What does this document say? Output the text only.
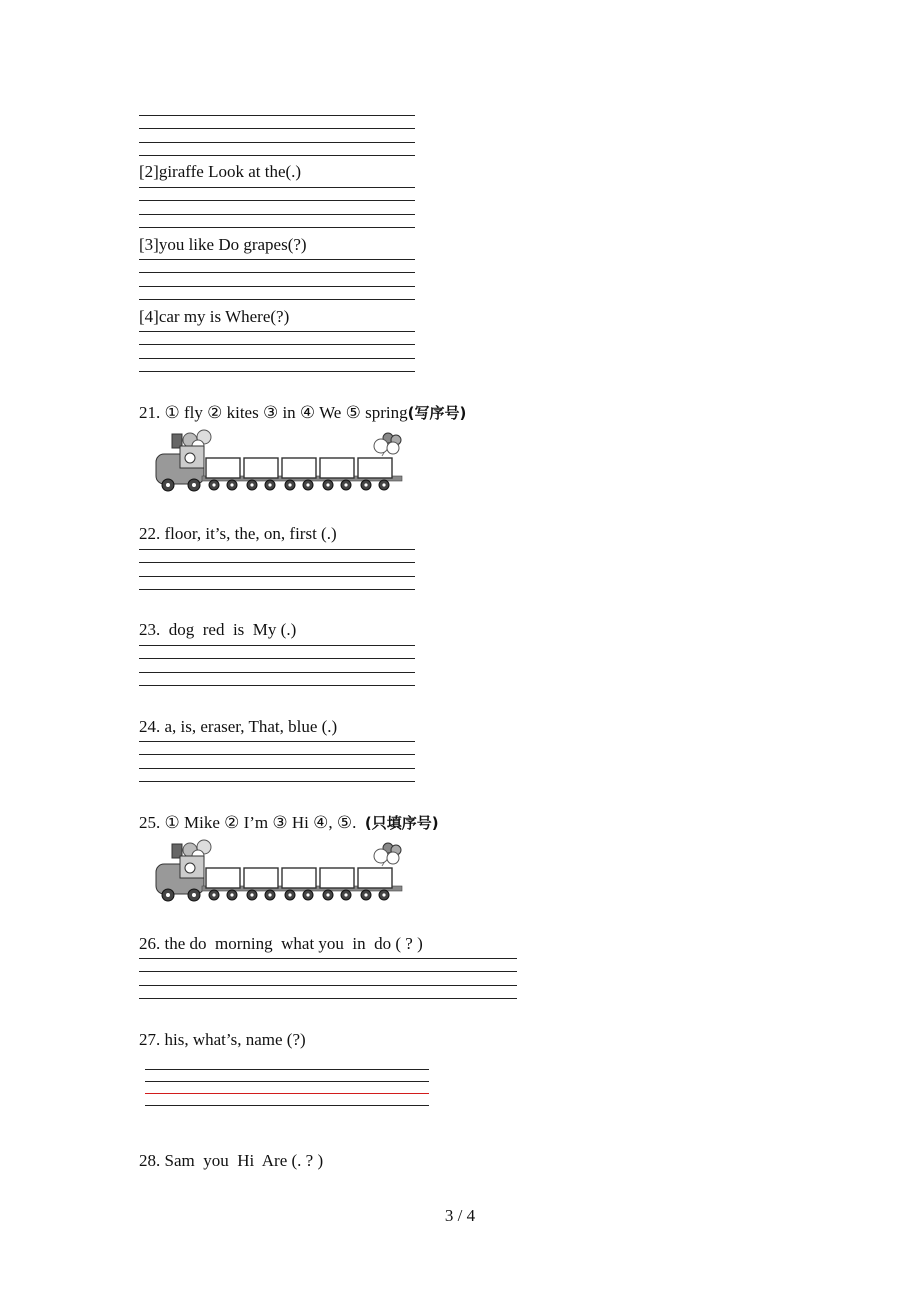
[2]giraffe Look at the(.)
[3]you like Do grapes(?)
[4]car my is Where(?)
21. ① fly ② kites ③ in ④ We ⑤ spring(写序号)
22. floor, it’s, the, on, first (.)
23.  dog  red  is  My (.)
24. a, is, eraser, That, blue (.)
25. ① Mike ② I’m ③ Hi ④, ⑤.  (只填序号)
26. the do  morning  what you  in  do ( ? )
27. his, what’s, name (?)
28. Sam  you  Hi  Are (. ? )
3 / 4
